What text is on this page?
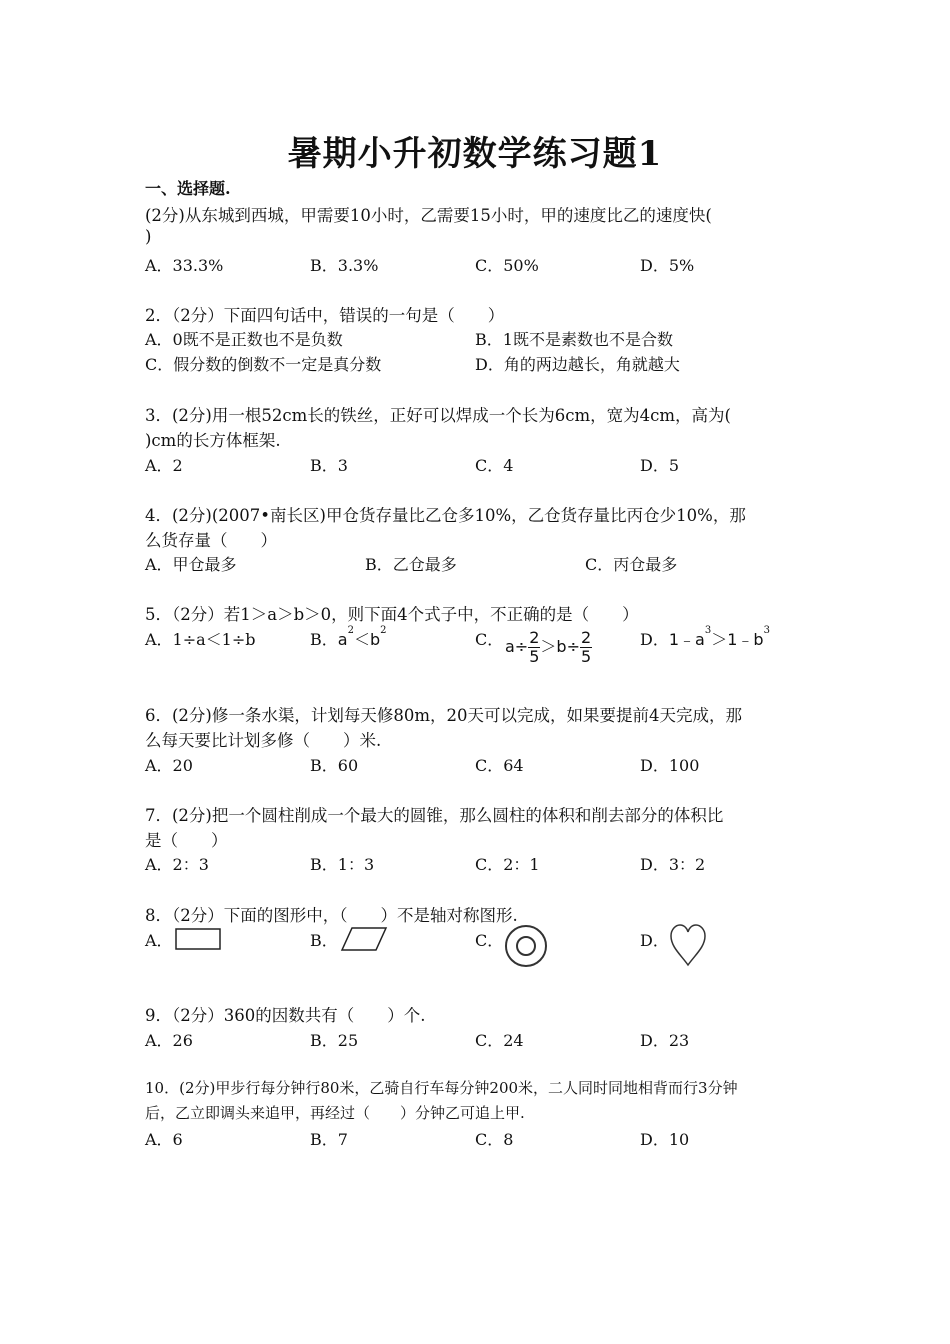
暑期小升初数学练习题1
一、选择题.
(2分)从东城到西城，甲需要10小时，乙需要15小时，甲的速度比乙的速度快(
)
A．33.3%	B．3.3%	C．50%	D．5%
2．（2分）下面四句话中，错误的一句是（　　）
A．0既不是正数也不是负数	B．1既不是素数也不是合数
C．假分数的倒数不一定是真分数	D．角的两边越长，角就越大
3．(2分)用一根52cm长的铁丝，正好可以焊成一个长为6cm，宽为4cm，高为(
)cm的长方体框架.
A．2	B．3	C．4	D．5
4．(2分)(2007•南长区)甲仓货存量比乙仓多10%，乙仓货存量比丙仓少10%，那
么货存量（　　）
A．甲仓最多	B．乙仓最多	C．丙仓最多
5．（2分）若1＞a＞b＞0，则下面4个式子中，不正确的是（　　）
A．1÷a＜1÷b	B．$a^2<b^2$	C． $a\div \frac{2}{5} >b\div \frac{2}{5}$	D．$1﹣a^3>1﹣b^3$
6．(2分)修一条水渠，计划每天修80m，20天可以完成，如果要提前4天完成，那
么每天要比计划多修（　　）米.
A．20	B．60	C．64	D．100
7．(2分)把一个圆柱削成一个最大的圆锥，那么圆柱的体积和削去部分的体积比
是（　　）
A．2：3	B．1：3	C．2：1	D．3：2
8．（2分）下面的图形中，（　　）不是轴对称图形.
A．	B．	C．	D．
9．（2分）360的因数共有（　　）个.
A．26	B．25	C．24	D．23
10．(2分)甲步行每分钟行80米，乙骑自行车每分钟200米，二人同时同地相背而行3分钟
后，乙立即调头来追甲，再经过（　　）分钟乙可追上甲.
A．6	B．7	C．8	D．10
